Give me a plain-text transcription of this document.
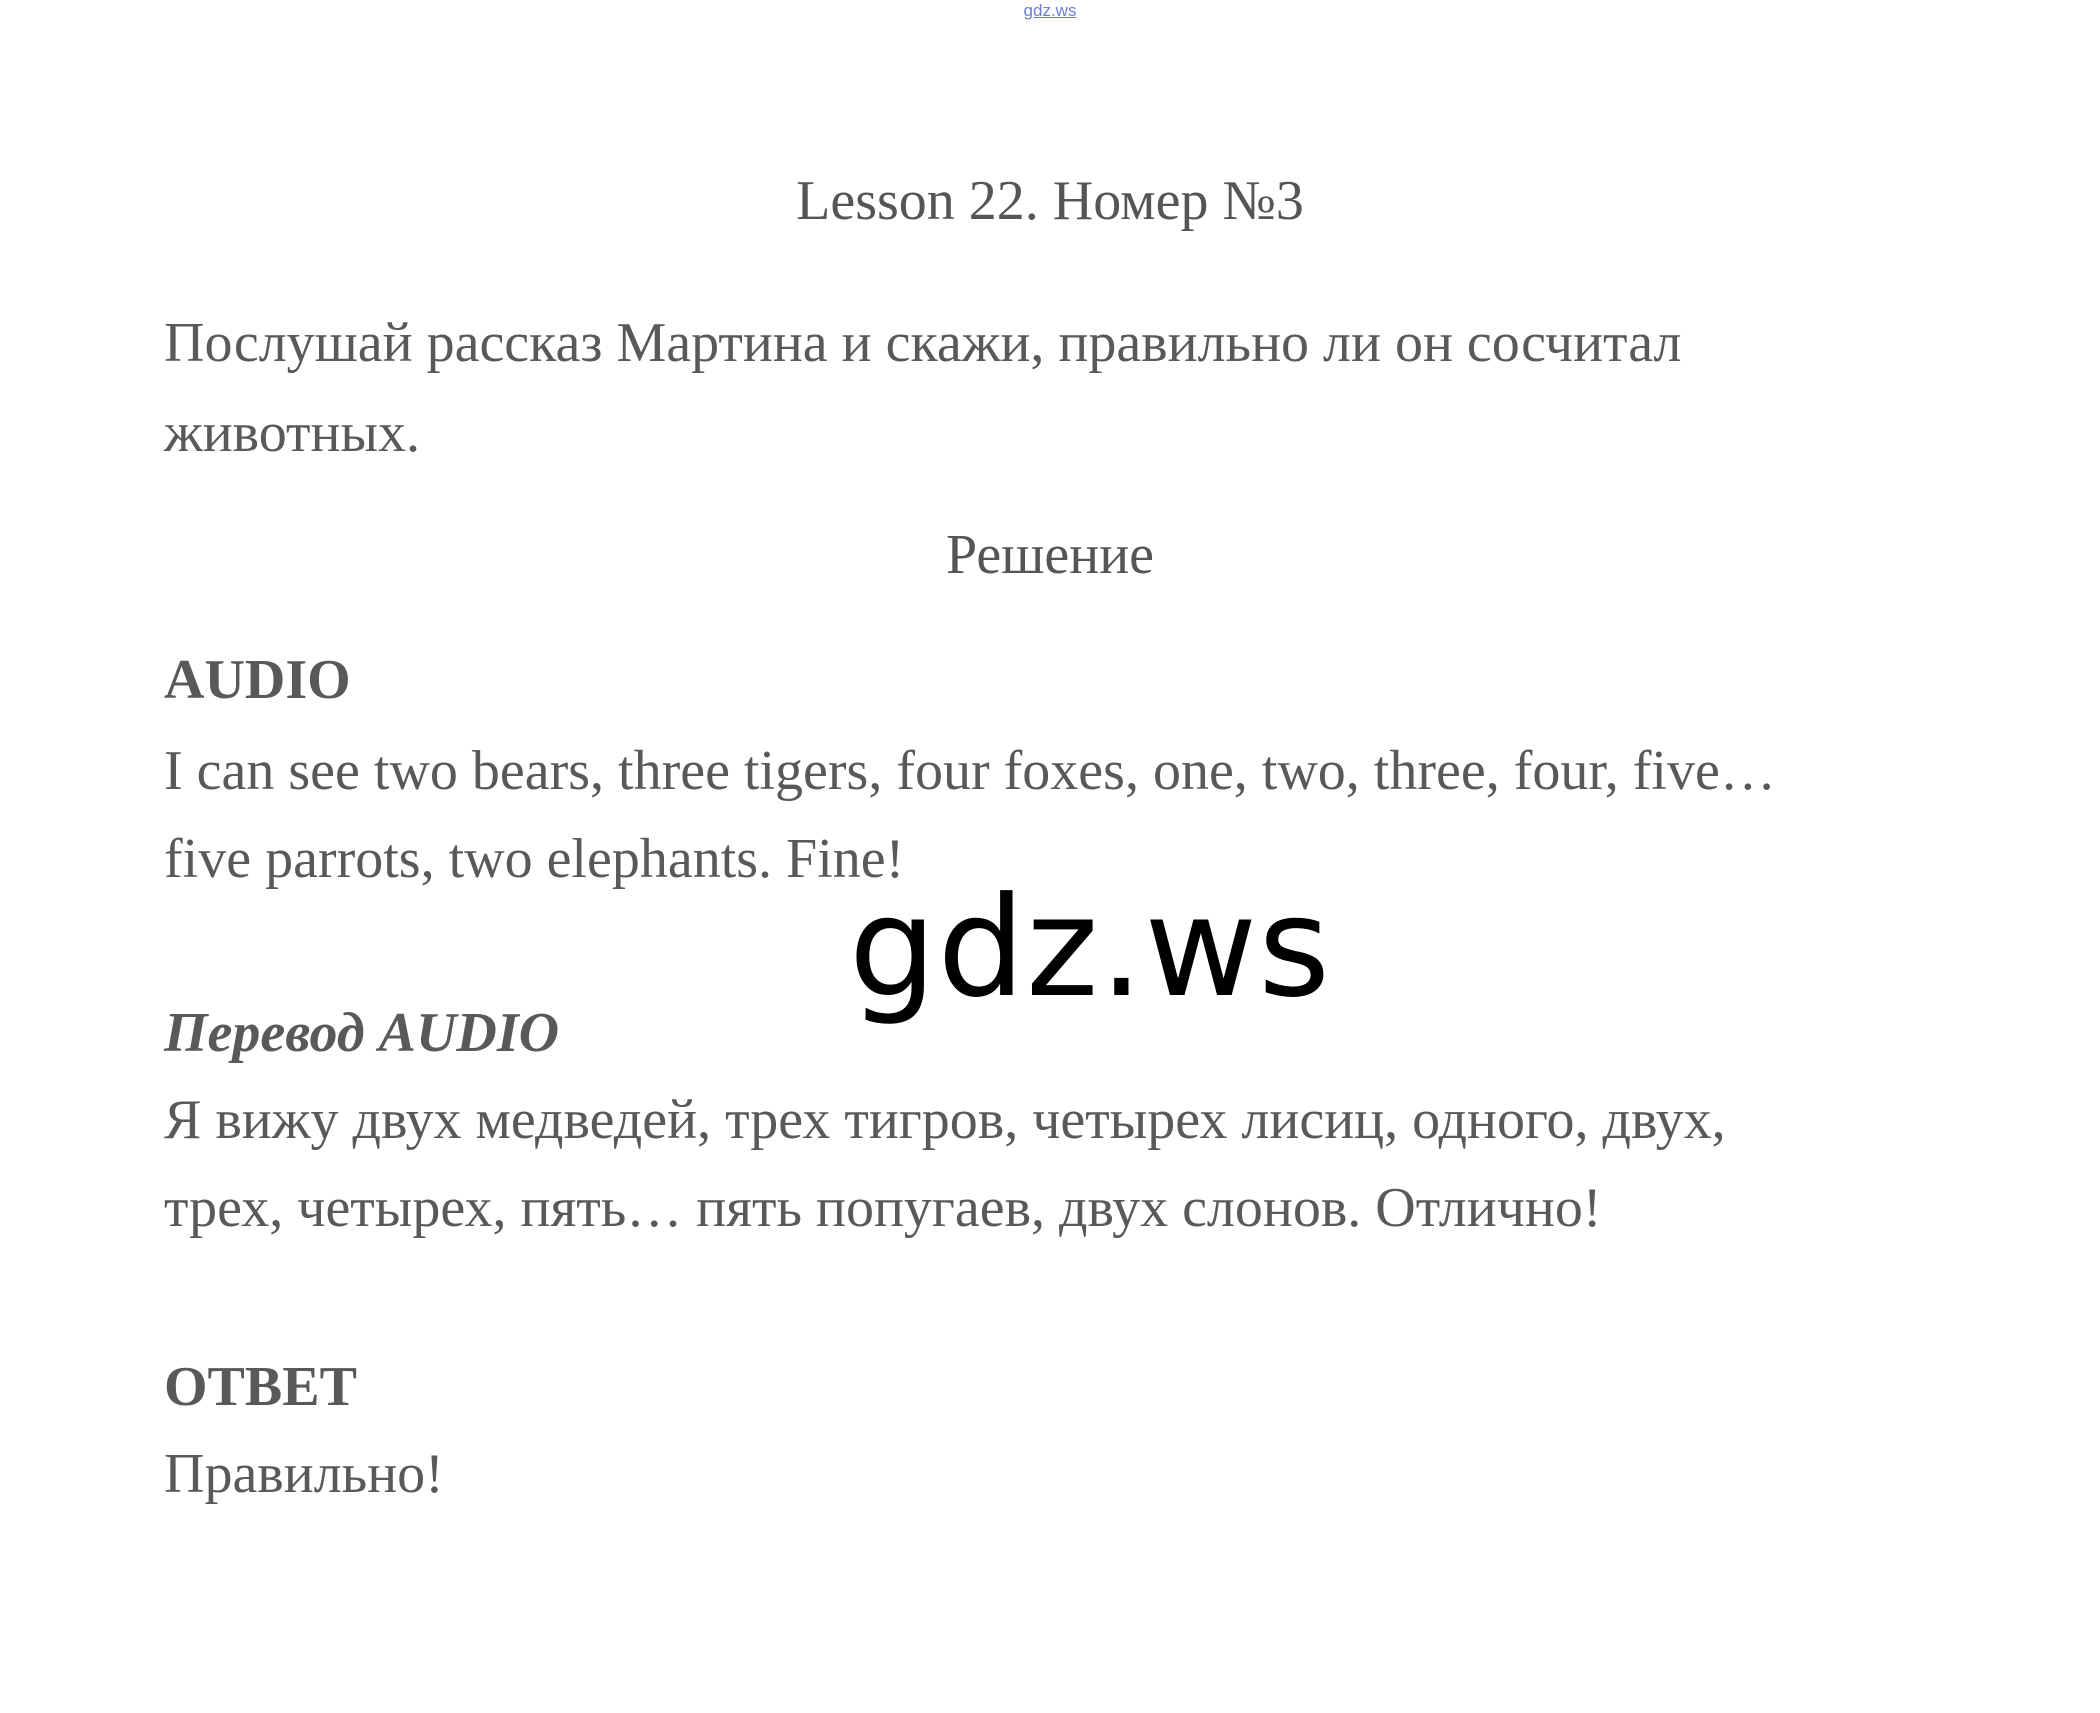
gdz.ws
Lesson 22. Номер №3
Послушай рассказ Мартина и скажи, правильно ли он сосчитал животных.
Решение
AUDIO
I can see two bears, three tigers, four foxes, one, two, three, four, five…
five parrots, two elephants. Fine!
gdz.ws
Перевод AUDIO
Я вижу двух медведей, трех тигров, четырех лисиц, одного, двух,
трех, четырех, пять… пять попугаев, двух слонов. Отлично!
ОТВЕТ
Правильно!
